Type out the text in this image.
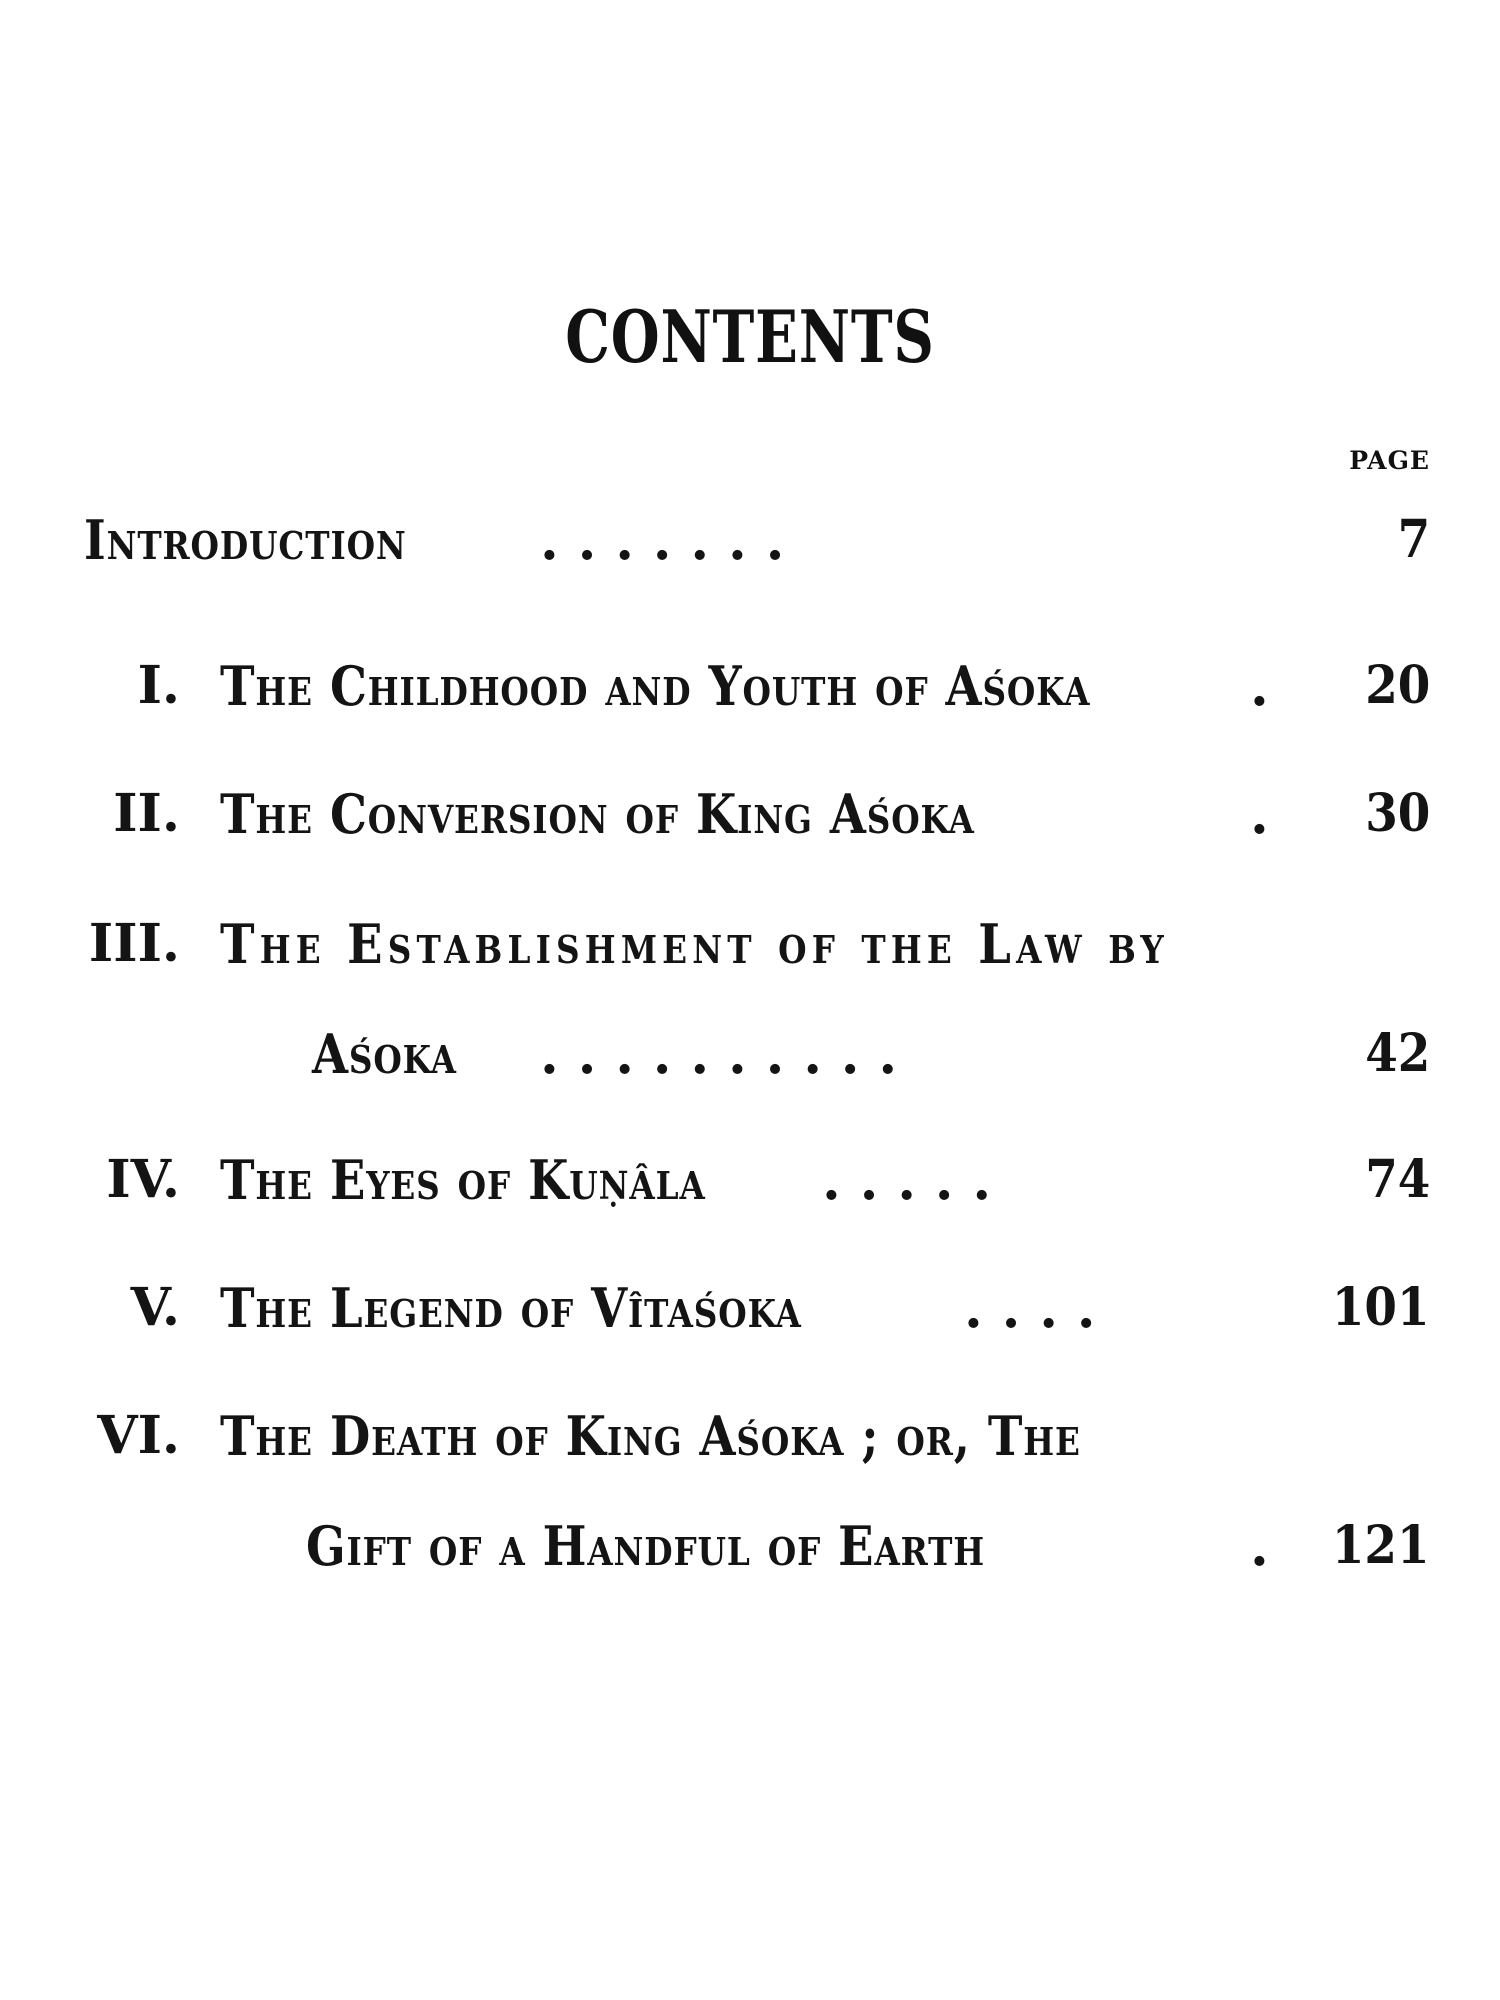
CONTENTS
PAGE
Introduction . . . . . . .	7
I. The Childhood and Youth of Aśoka	. 20
II. The Conversion of King Aśoka	. 30
III. The Establishment of the Law by
Aśoka . . . . . . . . . .	42
IV. The Eyes of Kuṇâla . . . . .	74
V. The Legend of Vîtaśoka	. . . .	101
VI. The Death of King Aśoka ; or, The
Gift of a Handful of Earth	. 121
